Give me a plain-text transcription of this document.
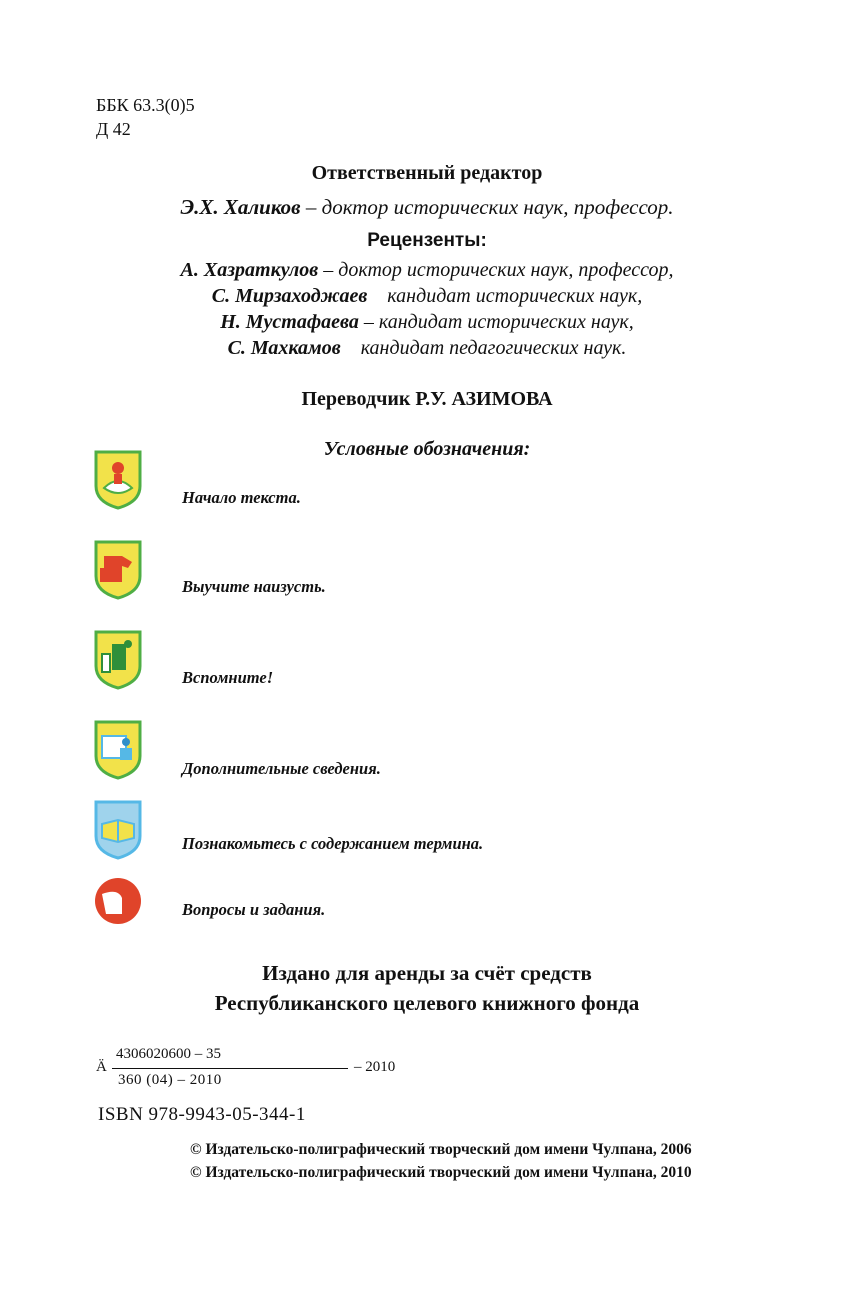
ББК 63.3(0)5
Д 42
Ответственный редактор
Э.Х. Халиков – доктор исторических наук, профессор.
Рецензенты:
А. Хазраткулов – доктор исторических наук, профессор,
С. Мирзаходжаев    кандидат исторических наук,
Н. Мустафаева – кандидат исторических наук,
С. Махкамов    кандидат педагогических наук.
Переводчик Р.У. АЗИМОВА
Условные обозначения:
Начало текста.
Выучите наизусть.
Вспомните!
Дополнительные сведения.
Познакомьтесь с содержанием термина.
? Вопросы и задания.
Издано для аренды за счёт средств
Республиканского целевого книжного фонда
Ä
4306020600 – 35
360 (04) – 2010
– 2010
ISBN 978-9943-05-344-1
© Издательско-полиграфический творческий дом имени Чулпана, 2006
© Издательско-полиграфический творческий дом имени Чулпана, 2010
